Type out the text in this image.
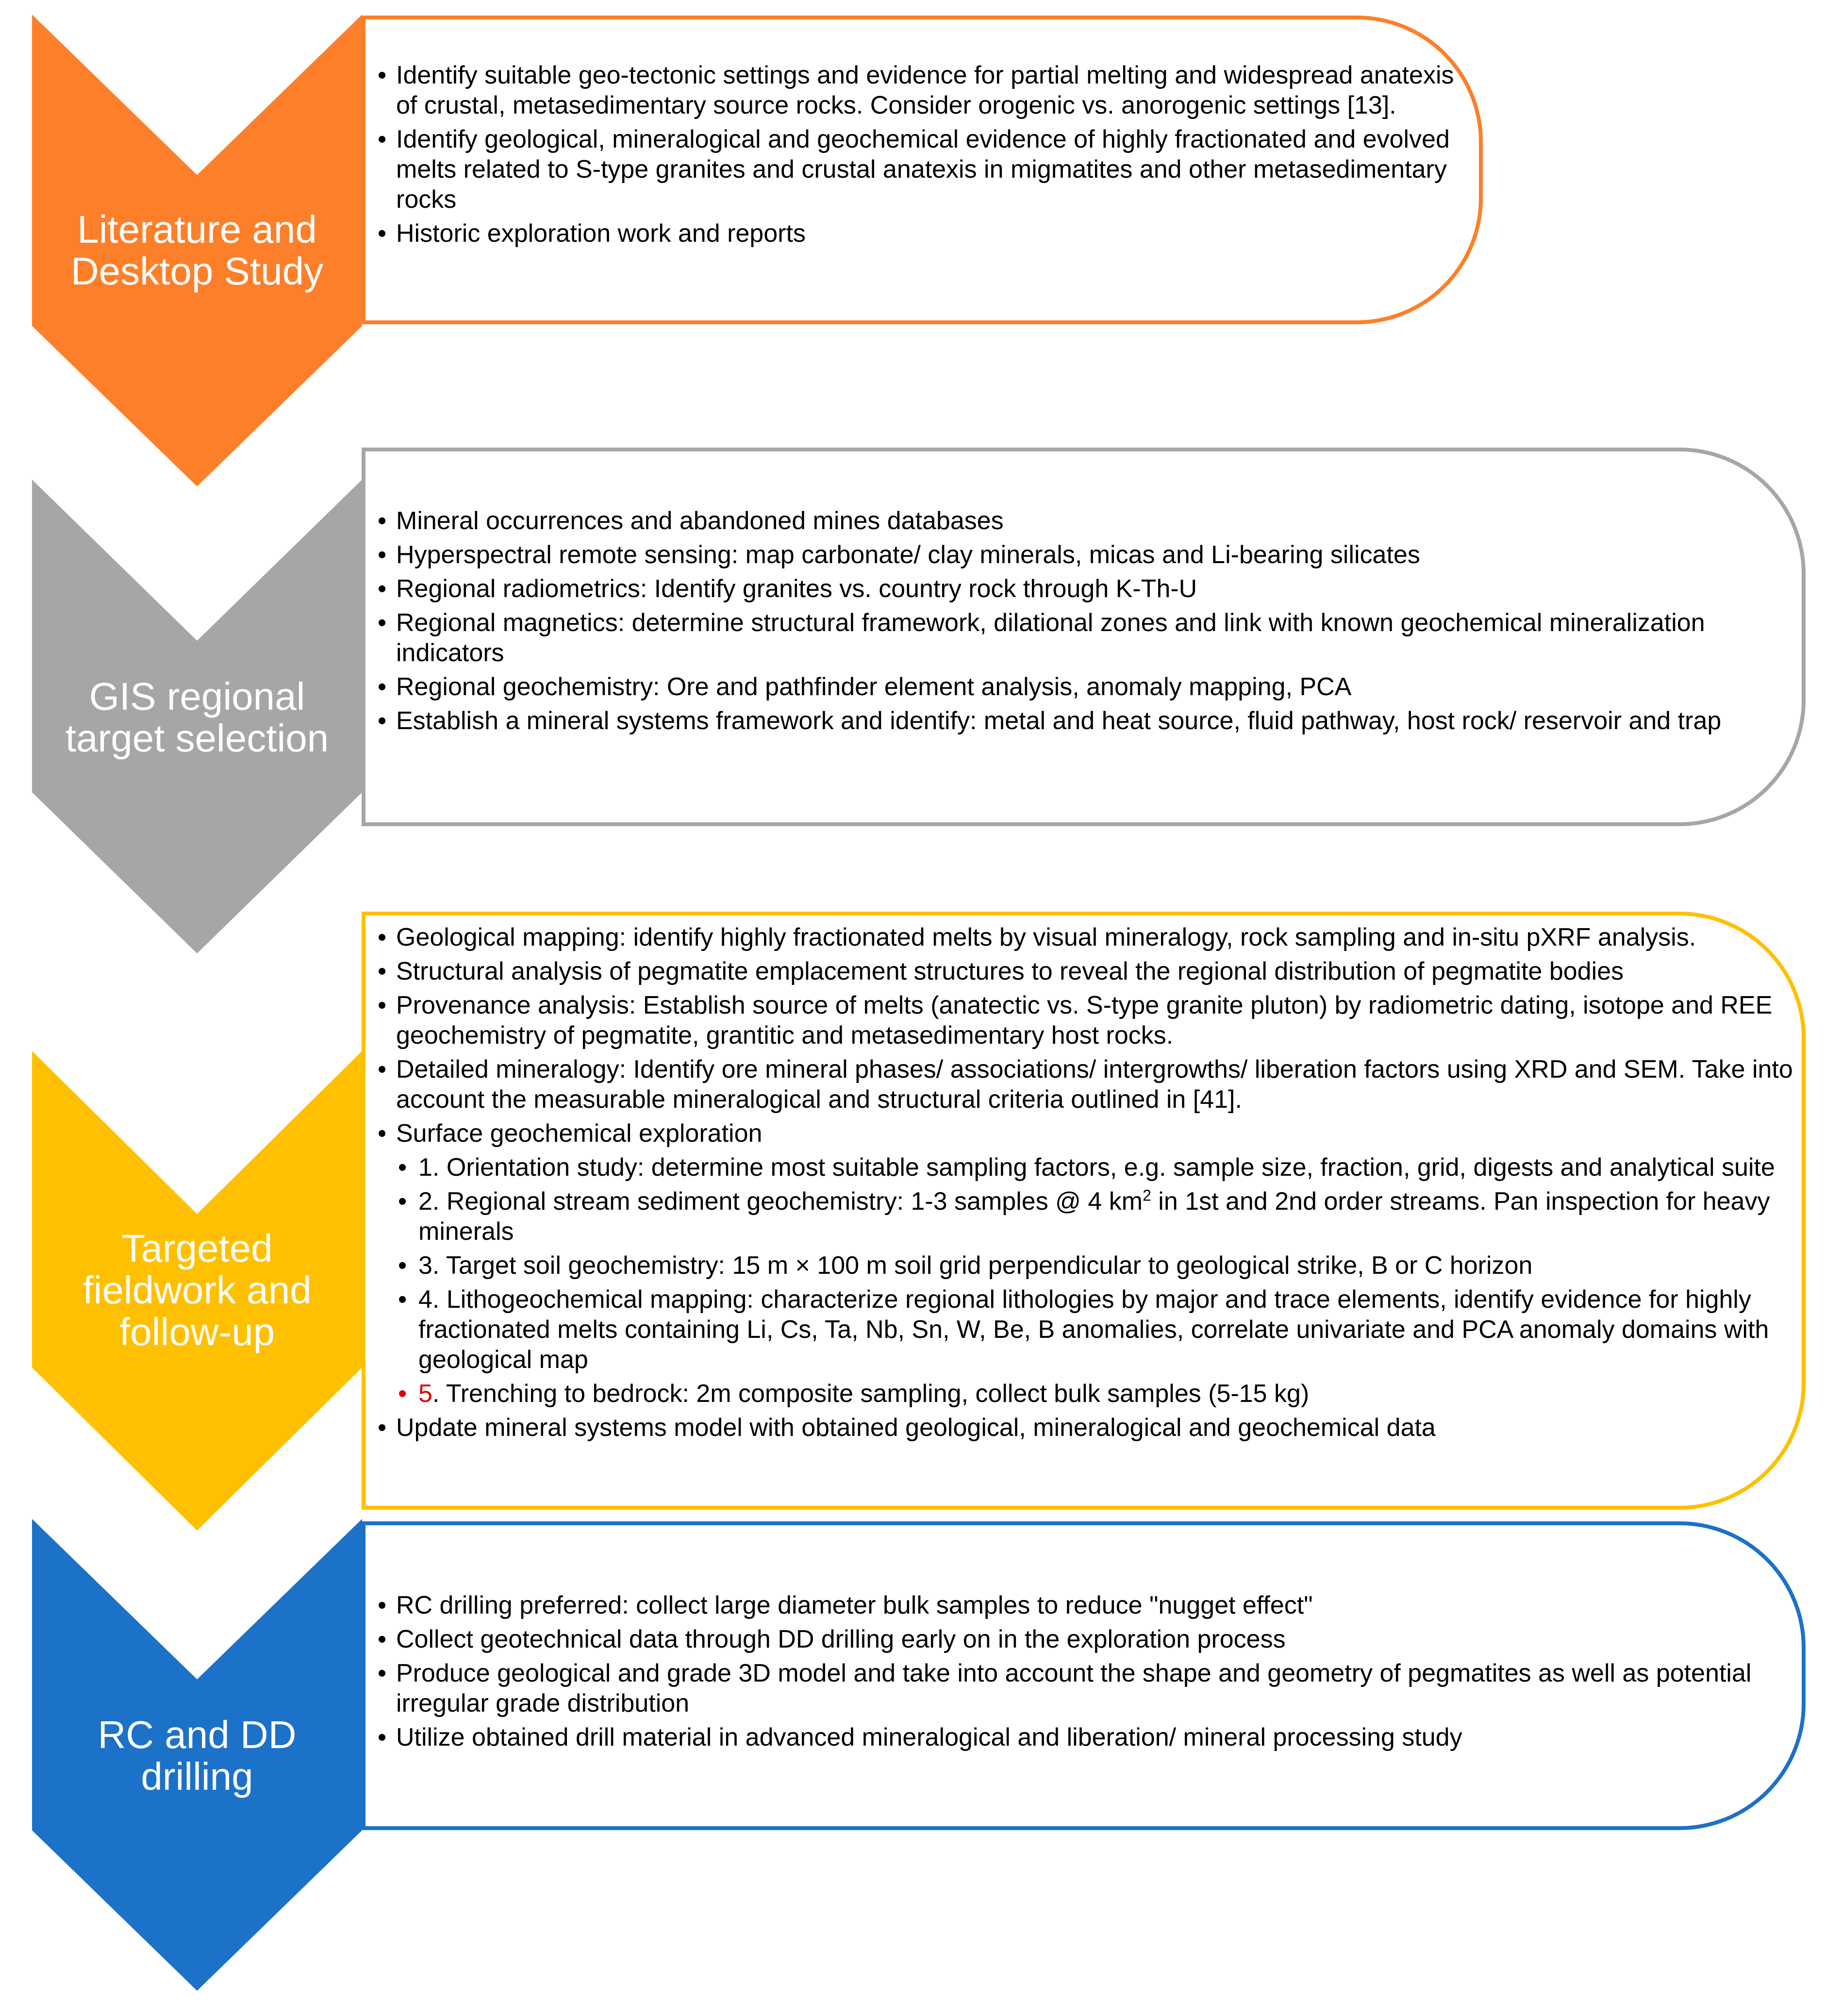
Literature and
Desktop Study
• Identify suitable geo-tectonic settings and evidence for partial melting and widespread anatexis of crustal, metasedimentary source rocks. Consider orogenic vs. anorogenic settings [13].
• Identify geological, mineralogical and geochemical evidence of highly fractionated and evolved melts related to S-type granites and crustal anatexis in migmatites and other metasedimentary rocks
• Historic exploration work and reports
GIS regional
target selection
• Mineral occurrences and abandoned mines databases
• Hyperspectral remote sensing: map carbonate/ clay minerals, micas and Li-bearing silicates
• Regional radiometrics: Identify granites vs. country rock through K-Th-U
• Regional magnetics: determine structural framework, dilational zones and link with known geochemical mineralization indicators
• Regional geochemistry: Ore and pathfinder element analysis, anomaly mapping, PCA
• Establish a mineral systems framework and identify: metal and heat source, fluid pathway, host rock/ reservoir and trap
Targeted
fieldwork and
follow-up
• Geological mapping: identify highly fractionated melts by visual mineralogy, rock sampling and in-situ pXRF analysis.
• Structural analysis of pegmatite emplacement structures to reveal the regional distribution of pegmatite bodies
• Provenance analysis: Establish source of melts (anatectic vs. S-type granite pluton) by radiometric dating, isotope and REE geochemistry of pegmatite, grantitic and metasedimentary host rocks.
• Detailed mineralogy: Identify ore mineral phases/ associations/ intergrowths/ liberation factors using XRD and SEM. Take into account the measurable mineralogical and structural criteria outlined in [41].
• Surface geochemical exploration
• 1. Orientation study: determine most suitable sampling factors, e.g. sample size, fraction, grid, digests and analytical suite
• 2. Regional stream sediment geochemistry: 1-3 samples @ 4 $km^2$ in 1st and 2nd order streams. Pan inspection for heavy minerals
• 3. Target soil geochemistry: 15 m × 100 m soil grid perpendicular to geological strike, B or C horizon
• 4. Lithogeochemical mapping: characterize regional lithologies by major and trace elements, identify evidence for highly fractionated melts containing Li, Cs, Ta, Nb, Sn, W, Be, B anomalies, correlate univariate and PCA anomaly domains with geological map
• 5. Trenching to bedrock: 2m composite sampling, collect bulk samples (5-15 kg)
• Update mineral systems model with obtained geological, mineralogical and geochemical data
RC and DD
drilling
• RC drilling preferred: collect large diameter bulk samples to reduce "nugget effect"
• Collect geotechnical data through DD drilling early on in the exploration process
• Produce geological and grade 3D model and take into account the shape and geometry of pegmatites as well as potential irregular grade distribution
• Utilize obtained drill material in advanced mineralogical and liberation/ mineral processing study
